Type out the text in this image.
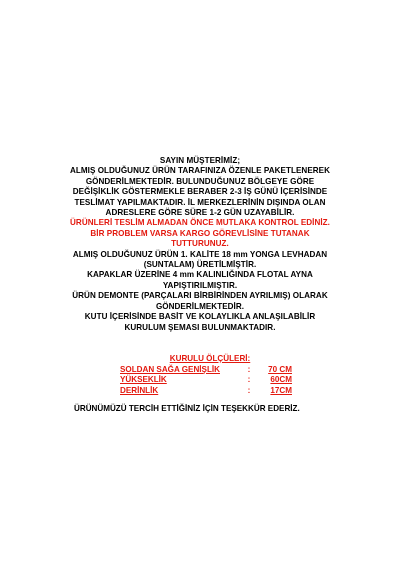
SAYIN MÜŞTERİMİZ;

ALMIŞ OLDUĞUNUZ ÜRÜN TARAFINIZA ÖZENLE PAKETLENEREK

GÖNDERİLMEKTEDİR. BULUNDUĞUNUZ BÖLGEYE GÖRE

DEĞİŞİKLİK GÖSTERMEKLE BERABER 2-3 İŞ GÜNÜ İÇERİSİNDE

TESLİMAT YAPILMAKTADIR. İL MERKEZLERİNİN DIŞINDA OLAN

ADRESLERE GÖRE SÜRE 1-2 GÜN UZAYABİLİR.

ÜRÜNLERİ TESLİM ALMADAN ÖNCE MUTLAKA KONTROL EDİNİZ.

BİR PROBLEM VARSA KARGO GÖREVLİSİNE TUTANAK

TUTTURUNUZ.

ALMIŞ OLDUĞUNUZ ÜRÜN 1. KALİTE 18 mm YONGA LEVHADAN

(SUNTALAM) ÜRETİLMİŞTİR.

KAPAKLAR ÜZERİNE 4 mm KALINLIĞINDA FLOTAL AYNA

YAPIŞTIRILMIŞTIR.

ÜRÜN DEMONTE (PARÇALARI BİRBİRİNDEN AYRILMIŞ) OLARAK

GÖNDERİLMEKTEDİR.

KUTU İÇERİSİNDE BASİT VE KOLAYLIKLA ANLAŞILABİLİR

KURULUM ŞEMASI BULUNMAKTADIR.

KURULU ÖLÇÜLERİ:
SOLDAN SAĞA GENİŞLİK	:	70 CM
YÜKSEKLİK	:	60CM
DERİNLİK	:	17CM
ÜRÜNÜMÜZÜ TERCİH ETTİĞİNİZ İÇİN TEŞEKKÜR EDERİZ.
